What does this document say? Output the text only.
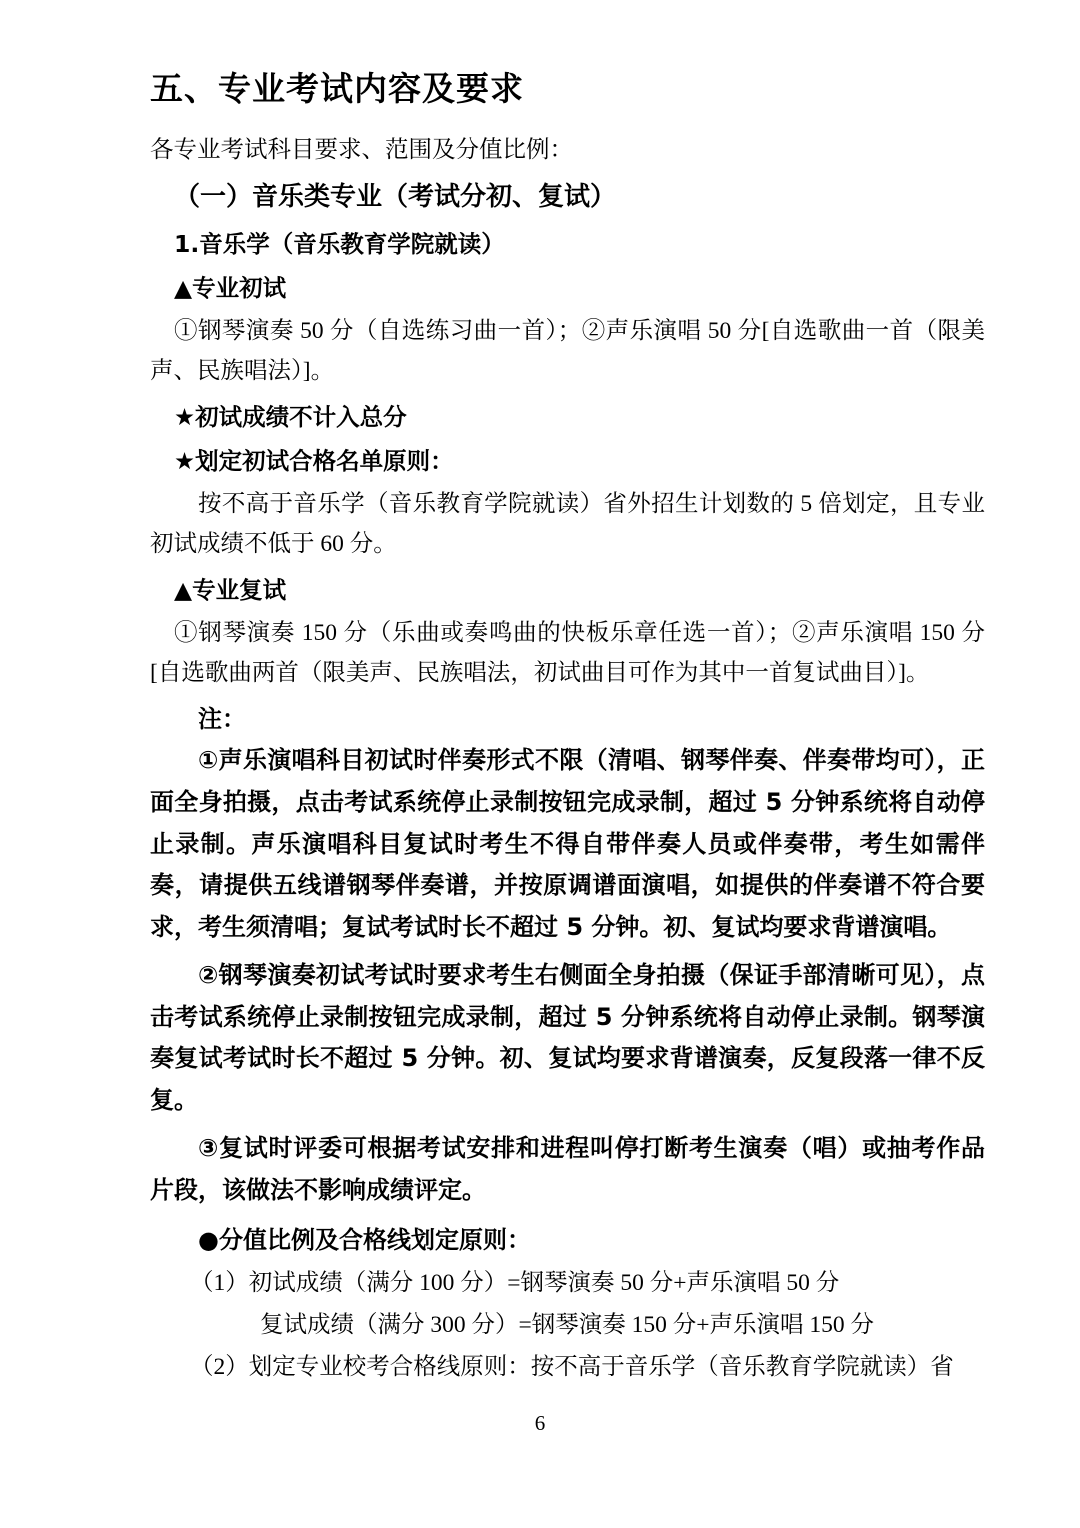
五、专业考试内容及要求

各专业考试科目要求、范围及分值比例：

（一）音乐类专业（考试分初、复试）

1.音乐学（音乐教育学院就读）

▲专业初试

①钢琴演奏 50 分（自选练习曲一首）；②声乐演唱 50 分[自选歌曲一首（限美声、民族唱法）]。

★初试成绩不计入总分

★划定初试合格名单原则：

按不高于音乐学（音乐教育学院就读）省外招生计划数的 5 倍划定，且专业初试成绩不低于 60 分。

▲专业复试

①钢琴演奏 150 分（乐曲或奏鸣曲的快板乐章任选一首）；②声乐演唱 150 分[自选歌曲两首（限美声、民族唱法，初试曲目可作为其中一首复试曲目）]。

注：

①声乐演唱科目初试时伴奏形式不限（清唱、钢琴伴奏、伴奏带均可），正面全身拍摄，点击考试系统停止录制按钮完成录制，超过 5 分钟系统将自动停止录制。声乐演唱科目复试时考生不得自带伴奏人员或伴奏带，考生如需伴奏，请提供五线谱钢琴伴奏谱，并按原调谱面演唱，如提供的伴奏谱不符合要求，考生须清唱；复试考试时长不超过 5 分钟。初、复试均要求背谱演唱。

②钢琴演奏初试考试时要求考生右侧面全身拍摄（保证手部清晰可见），点击考试系统停止录制按钮完成录制，超过 5 分钟系统将自动停止录制。钢琴演奏复试考试时长不超过 5 分钟。初、复试均要求背谱演奏，反复段落一律不反复。

③复试时评委可根据考试安排和进程叫停打断考生演奏（唱）或抽考作品片段，该做法不影响成绩评定。

●分值比例及合格线划定原则：

（1）初试成绩（满分 100 分）=钢琴演奏 50 分+声乐演唱 50 分

复试成绩（满分 300 分）=钢琴演奏 150 分+声乐演唱 150 分

（2）划定专业校考合格线原则：按不高于音乐学（音乐教育学院就读）省

6
